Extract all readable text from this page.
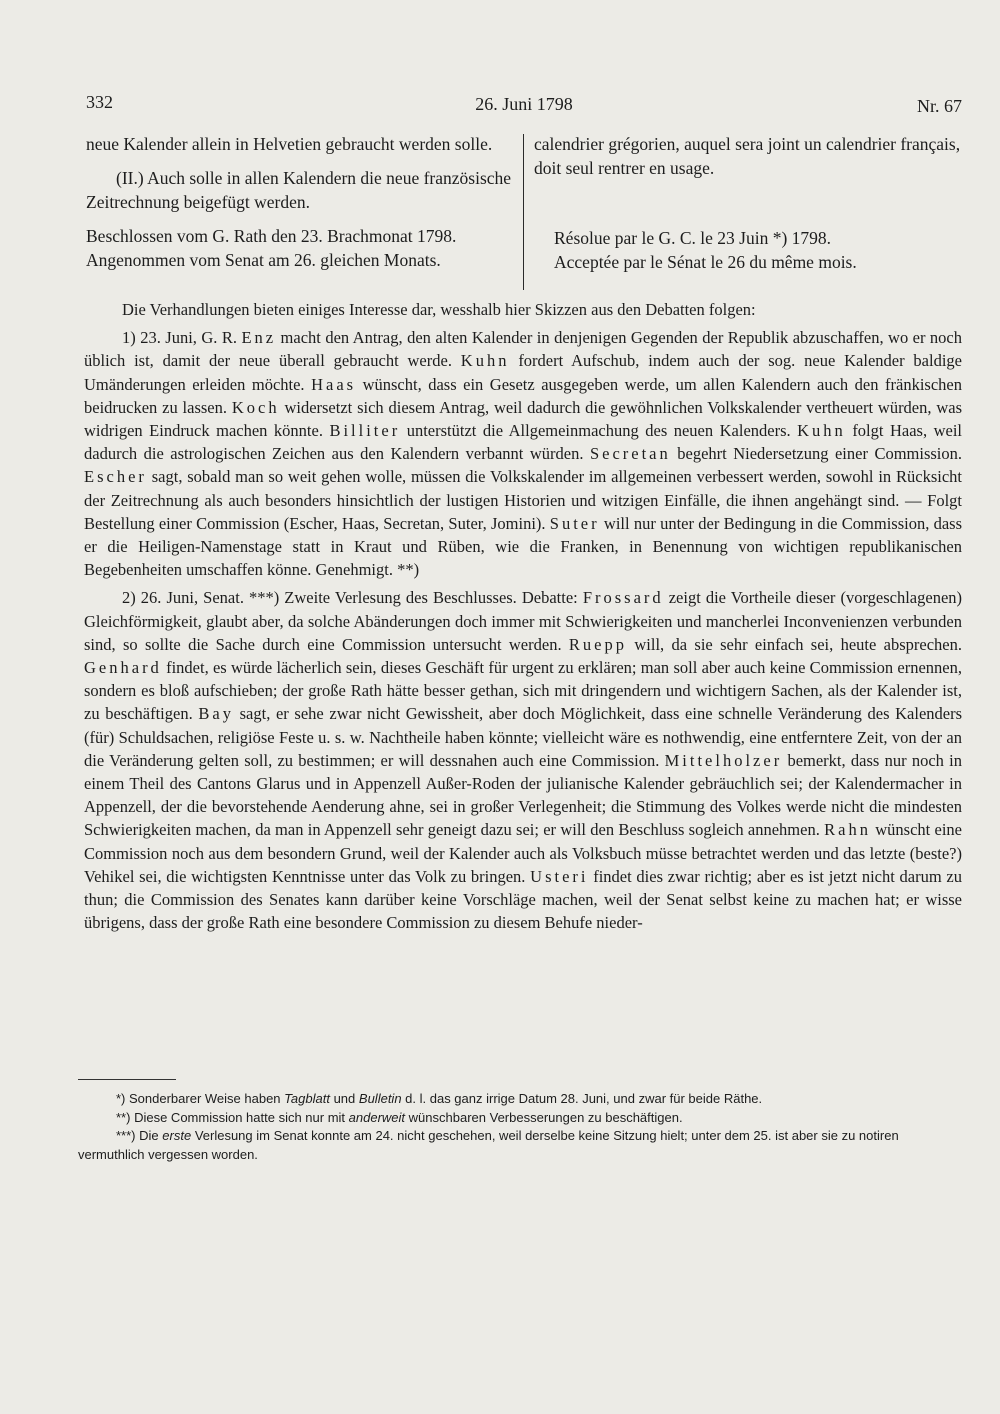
332	26. Juni 1798	Nr. 67

neue Kalender allein in Helvetien gebraucht werden solle.

(II.) Auch solle in allen Kalendern die neue französische Zeitrechnung beigefügt werden.

Beschlossen vom G. Rath den 23. Brachmonat 1798.

Angenommen vom Senat am 26. gleichen Monats.

calendrier grégorien, auquel sera joint un calendrier français, doit seul rentrer en usage.

Résolue par le G. C. le 23 Juin *) 1798.

Acceptée par le Sénat le 26 du même mois.

Die Verhandlungen bieten einiges Interesse dar, wesshalb hier Skizzen aus den Debatten folgen:

1) 23. Juni, G. R. Enz macht den Antrag, den alten Kalender in denjenigen Gegenden der Republik abzuschaffen, wo er noch üblich ist, damit der neue überall gebraucht werde. Kuhn fordert Aufschub, indem auch der sog. neue Kalender baldige Umänderungen erleiden möchte. Haas wünscht, dass ein Gesetz ausgegeben werde, um allen Kalendern auch den fränkischen beidrucken zu lassen. Koch widersetzt sich diesem Antrag, weil dadurch die gewöhnlichen Volkskalender vertheuert würden, was widrigen Eindruck machen könnte. Billiter unterstützt die Allgemeinmachung des neuen Kalenders. Kuhn folgt Haas, weil dadurch die astrologischen Zeichen aus den Kalendern verbannt würden. Secretan begehrt Niedersetzung einer Commission. Escher sagt, sobald man so weit gehen wolle, müssen die Volkskalender im allgemeinen verbessert werden, sowohl in Rücksicht der Zeitrechnung als auch besonders hinsichtlich der lustigen Historien und witzigen Einfälle, die ihnen angehängt sind. — Folgt Bestellung einer Commission (Escher, Haas, Secretan, Suter, Jomini). Suter will nur unter der Bedingung in die Commission, dass er die Heiligen-Namenstage statt in Kraut und Rüben, wie die Franken, in Benennung von wichtigen republikanischen Begebenheiten umschaffen könne. Genehmigt. **)

2) 26. Juni, Senat. ***) Zweite Verlesung des Beschlusses. Debatte: Frossard zeigt die Vortheile dieser (vorgeschlagenen) Gleichförmigkeit, glaubt aber, da solche Abänderungen doch immer mit Schwierigkeiten und mancherlei Inconvenienzen verbunden sind, so sollte die Sache durch eine Commission untersucht werden. Ruepp will, da sie sehr einfach sei, heute absprechen. Genhard findet, es würde lächerlich sein, dieses Geschäft für urgent zu erklären; man soll aber auch keine Commission ernennen, sondern es bloß aufschieben; der große Rath hätte besser gethan, sich mit dringendern und wichtigern Sachen, als der Kalender ist, zu beschäftigen. Bay sagt, er sehe zwar nicht Gewissheit, aber doch Möglichkeit, dass eine schnelle Veränderung des Kalenders (für) Schuldsachen, religiöse Feste u. s. w. Nachtheile haben könnte; vielleicht wäre es nothwendig, eine entferntere Zeit, von der an die Veränderung gelten soll, zu bestimmen; er will dessnahen auch eine Commission. Mittelholzer bemerkt, dass nur noch in einem Theil des Cantons Glarus und in Appenzell Außer-Roden der julianische Kalender gebräuchlich sei; der Kalendermacher in Appenzell, der die bevorstehende Aenderung ahne, sei in großer Verlegenheit; die Stimmung des Volkes werde nicht die mindesten Schwierigkeiten machen, da man in Appenzell sehr geneigt dazu sei; er will den Beschluss sogleich annehmen. Rahn wünscht eine Commission noch aus dem besondern Grund, weil der Kalender auch als Volksbuch müsse betrachtet werden und das letzte (beste?) Vehikel sei, die wichtigsten Kenntnisse unter das Volk zu bringen. Usteri findet dies zwar richtig; aber es ist jetzt nicht darum zu thun; die Commission des Senates kann darüber keine Vorschläge machen, weil der Senat selbst keine zu machen hat; er wisse übrigens, dass der große Rath eine besondere Commission zu diesem Behufe nieder-

*) Sonderbarer Weise haben Tagblatt und Bulletin d. l. das ganz irrige Datum 28. Juni, und zwar für beide Räthe.

**) Diese Commission hatte sich nur mit anderweit wünschbaren Verbesserungen zu beschäftigen.

***) Die erste Verlesung im Senat konnte am 24. nicht geschehen, weil derselbe keine Sitzung hielt; unter dem 25. ist aber sie zu notiren vermuthlich vergessen worden.
